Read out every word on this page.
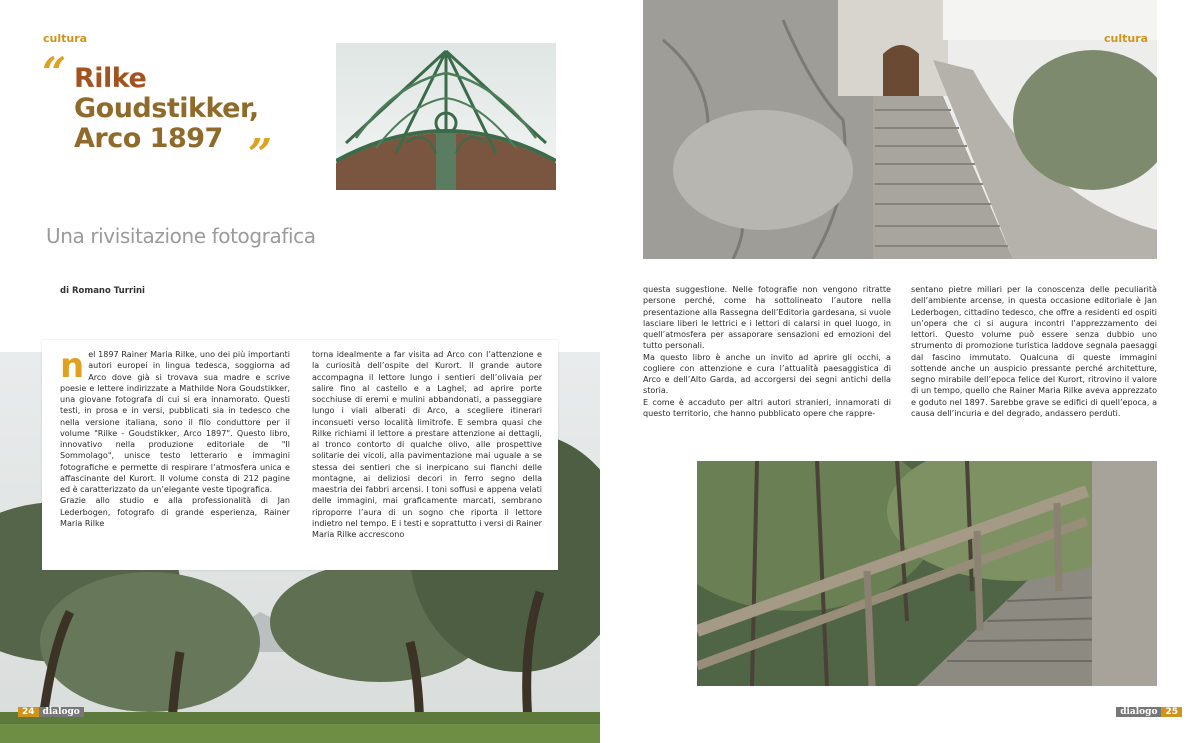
cultura
“ Rilke
Goudstikker,
Arco 1897 ”
Una rivisitazione fotografica
di Romano Turrini
n el 1897 Rainer Maria Rilke, uno dei più importanti autori europei in lingua tedesca, soggiorna ad Arco dove già si trovava sua madre e scrive poesie e lettere indirizzate a Mathilde Nora Goudstikker, una giovane fotografa di cui si era innamorato. Questi testi, in prosa e in versi, pubblicati sia in tedesco che nella versione italiana, sono il filo conduttore per il volume "Rilke - Goudstikker, Arco 1897". Questo libro, innovativo nella produzione editoriale de "Il Sommolago", unisce testo letterario e immagini fotografiche e permette di respirare l’atmosfera unica e affascinante del Kurort. Il volume consta di 212 pagine ed è caratterizzato da un’elegante veste tipografica.

Grazie allo studio e alla professionalità di Jan Lederbogen, fotografo di grande esperienza, Rainer Maria Rilke

torna idealmente a far visita ad Arco con l’attenzione e la curiosità dell’ospite del Kurort. Il grande autore accompagna il lettore lungo i sentieri dell’olivaia per salire fino al castello e a Laghel, ad aprire porte socchiuse di eremi e mulini abbandonati, a passeggiare lungo i viali alberati di Arco, a scegliere itinerari inconsueti verso località limitrofe. E sembra quasi che Rilke richiami il lettore a prestare attenzione ai dettagli, al tronco contorto di qualche olivo, alle prospettive solitarie dei vicoli, alla pavimentazione mai uguale a se stessa dei sentieri che si inerpicano sui fianchi delle montagne, ai deliziosi decori in ferro segno della maestria dei fabbri arcensi. I toni soffusi e appena velati delle immagini, mai graficamente marcati, sembrano riproporre l’aura di un sogno che riporta il lettore indietro nel tempo. E i testi e soprattutto i versi di Rainer Maria Rilke accrescono

24 dialogo
cultura

questa suggestione. Nelle fotografie non vengono ritratte persone perché, come ha sottolineato l’autore nella presentazione alla Rassegna dell’Editoria gardesana, si vuole lasciare liberi le lettrici e i lettori di calarsi in quel luogo, in quell’atmosfera per assaporare sensazioni ed emozioni del tutto personali.

Ma questo libro è anche un invito ad aprire gli occhi, a cogliere con attenzione e cura l’attualità paesaggistica di Arco e dell’Alto Garda, ad accorgersi dei segni antichi della storia.

E come è accaduto per altri autori stranieri, innamorati di questo territorio, che hanno pubblicato opere che rappre-

sentano pietre miliari per la conoscenza delle peculiarità dell’ambiente arcense, in questa occasione editoriale è Jan Lederbogen, cittadino tedesco, che offre a residenti ed ospiti un’opera che ci si augura incontri l’apprezzamento dei lettori. Questo volume può essere senza dubbio uno strumento di promozione turistica laddove segnala paesaggi dal fascino immutato. Qualcuna di queste immagini sottende anche un auspicio pressante perché architetture, segno mirabile dell’epoca felice del Kurort, ritrovino il valore di un tempo, quello che Rainer Maria Rilke aveva apprezzato e goduto nel 1897. Sarebbe grave se edifici di quell’epoca, a causa dell’incuria e del degrado, andassero perduti.

dialogo 25
